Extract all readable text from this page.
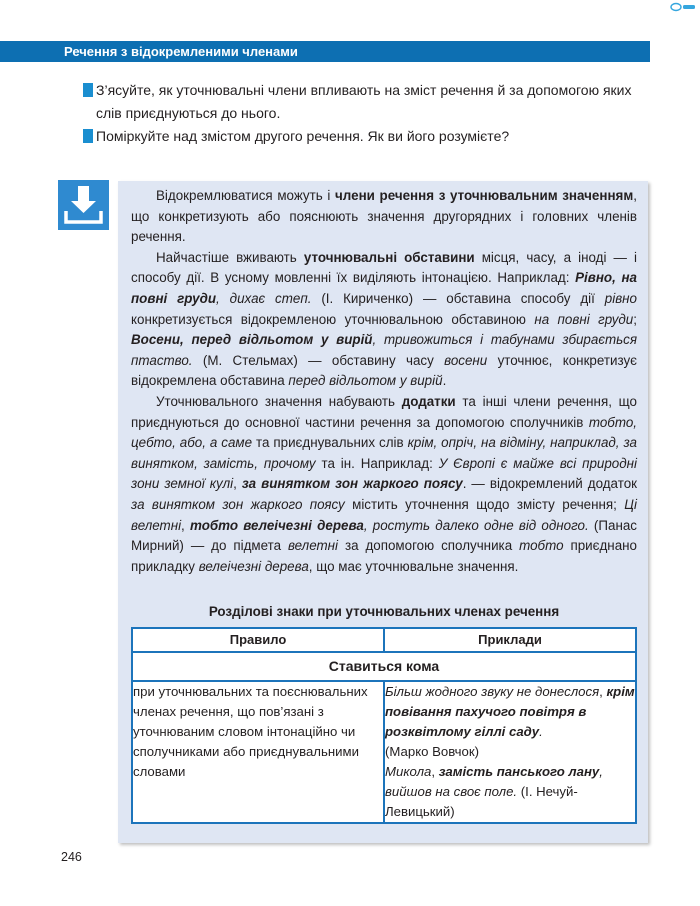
Речення з відокремленими членами
З’ясуйте, як уточнювальні члени впливають на зміст речення й за допомогою яких слів приєднуються до нього.
Поміркуйте над змістом другого речення. Як ви його розумієте?

Відокремлюватися можуть і члени речення з уточнювальним значенням, що конкретизують або пояснюють значення другорядних і головних членів речення.

Найчастіше вживають уточнювальні обставини місця, часу, а іноді — і способу дії. В усному мовленні їх виділяють інтонацією. Наприклад: Рівно, на повні груди, дихає степ. (І. Кириченко) — обставина способу дії рівно конкретизується відокремленою уточнювальною обставиною на повні груди; Восени, перед відльотом у вирій, тривожиться і табунами збирається птаство. (М. Стельмах) — обставину часу восени уточнює, конкретизує відокремлена обставина перед відльотом у вирій.

Уточнювального значення набувають додатки та інші члени речення, що приєднуються до основної частини речення за допомогою сполучників тобто, цебто, або, а саме та приєднувальних слів крім, опріч, на відміну, наприклад, за винятком, замість, прочому та ін. Наприклад: У Європі є майже всі природні зони земної кулі, за винятком зон жаркого поясу. — відокремлений додаток за винятком зон жаркого поясу містить уточнення щодо змісту речення; Ці велетні, тобто велеічезні дерева, ростуть далеко одне від одного. (Панас Мирний) — до підмета велетні за допомогою сполучника тобто приєднано прикладку велеічезні дерева, що має уточнювальне значення.

Розділові знаки при уточнювальних членах речення
Правило	Приклади
Ставиться кома	
при уточнювальних та поєснювальних членах речення, що пов’язані з уточнюваним словом інтонаційно чи сполучниками або приєднувальними словами	Більш жодного звуку не донеслося, крім повівання пахучого повітря в розквітлому гіллі саду.
(Марко Вовчок)
Микола, замість панського лану, вийшов на своє поле. (І. Нечуй-Левицький)
246
